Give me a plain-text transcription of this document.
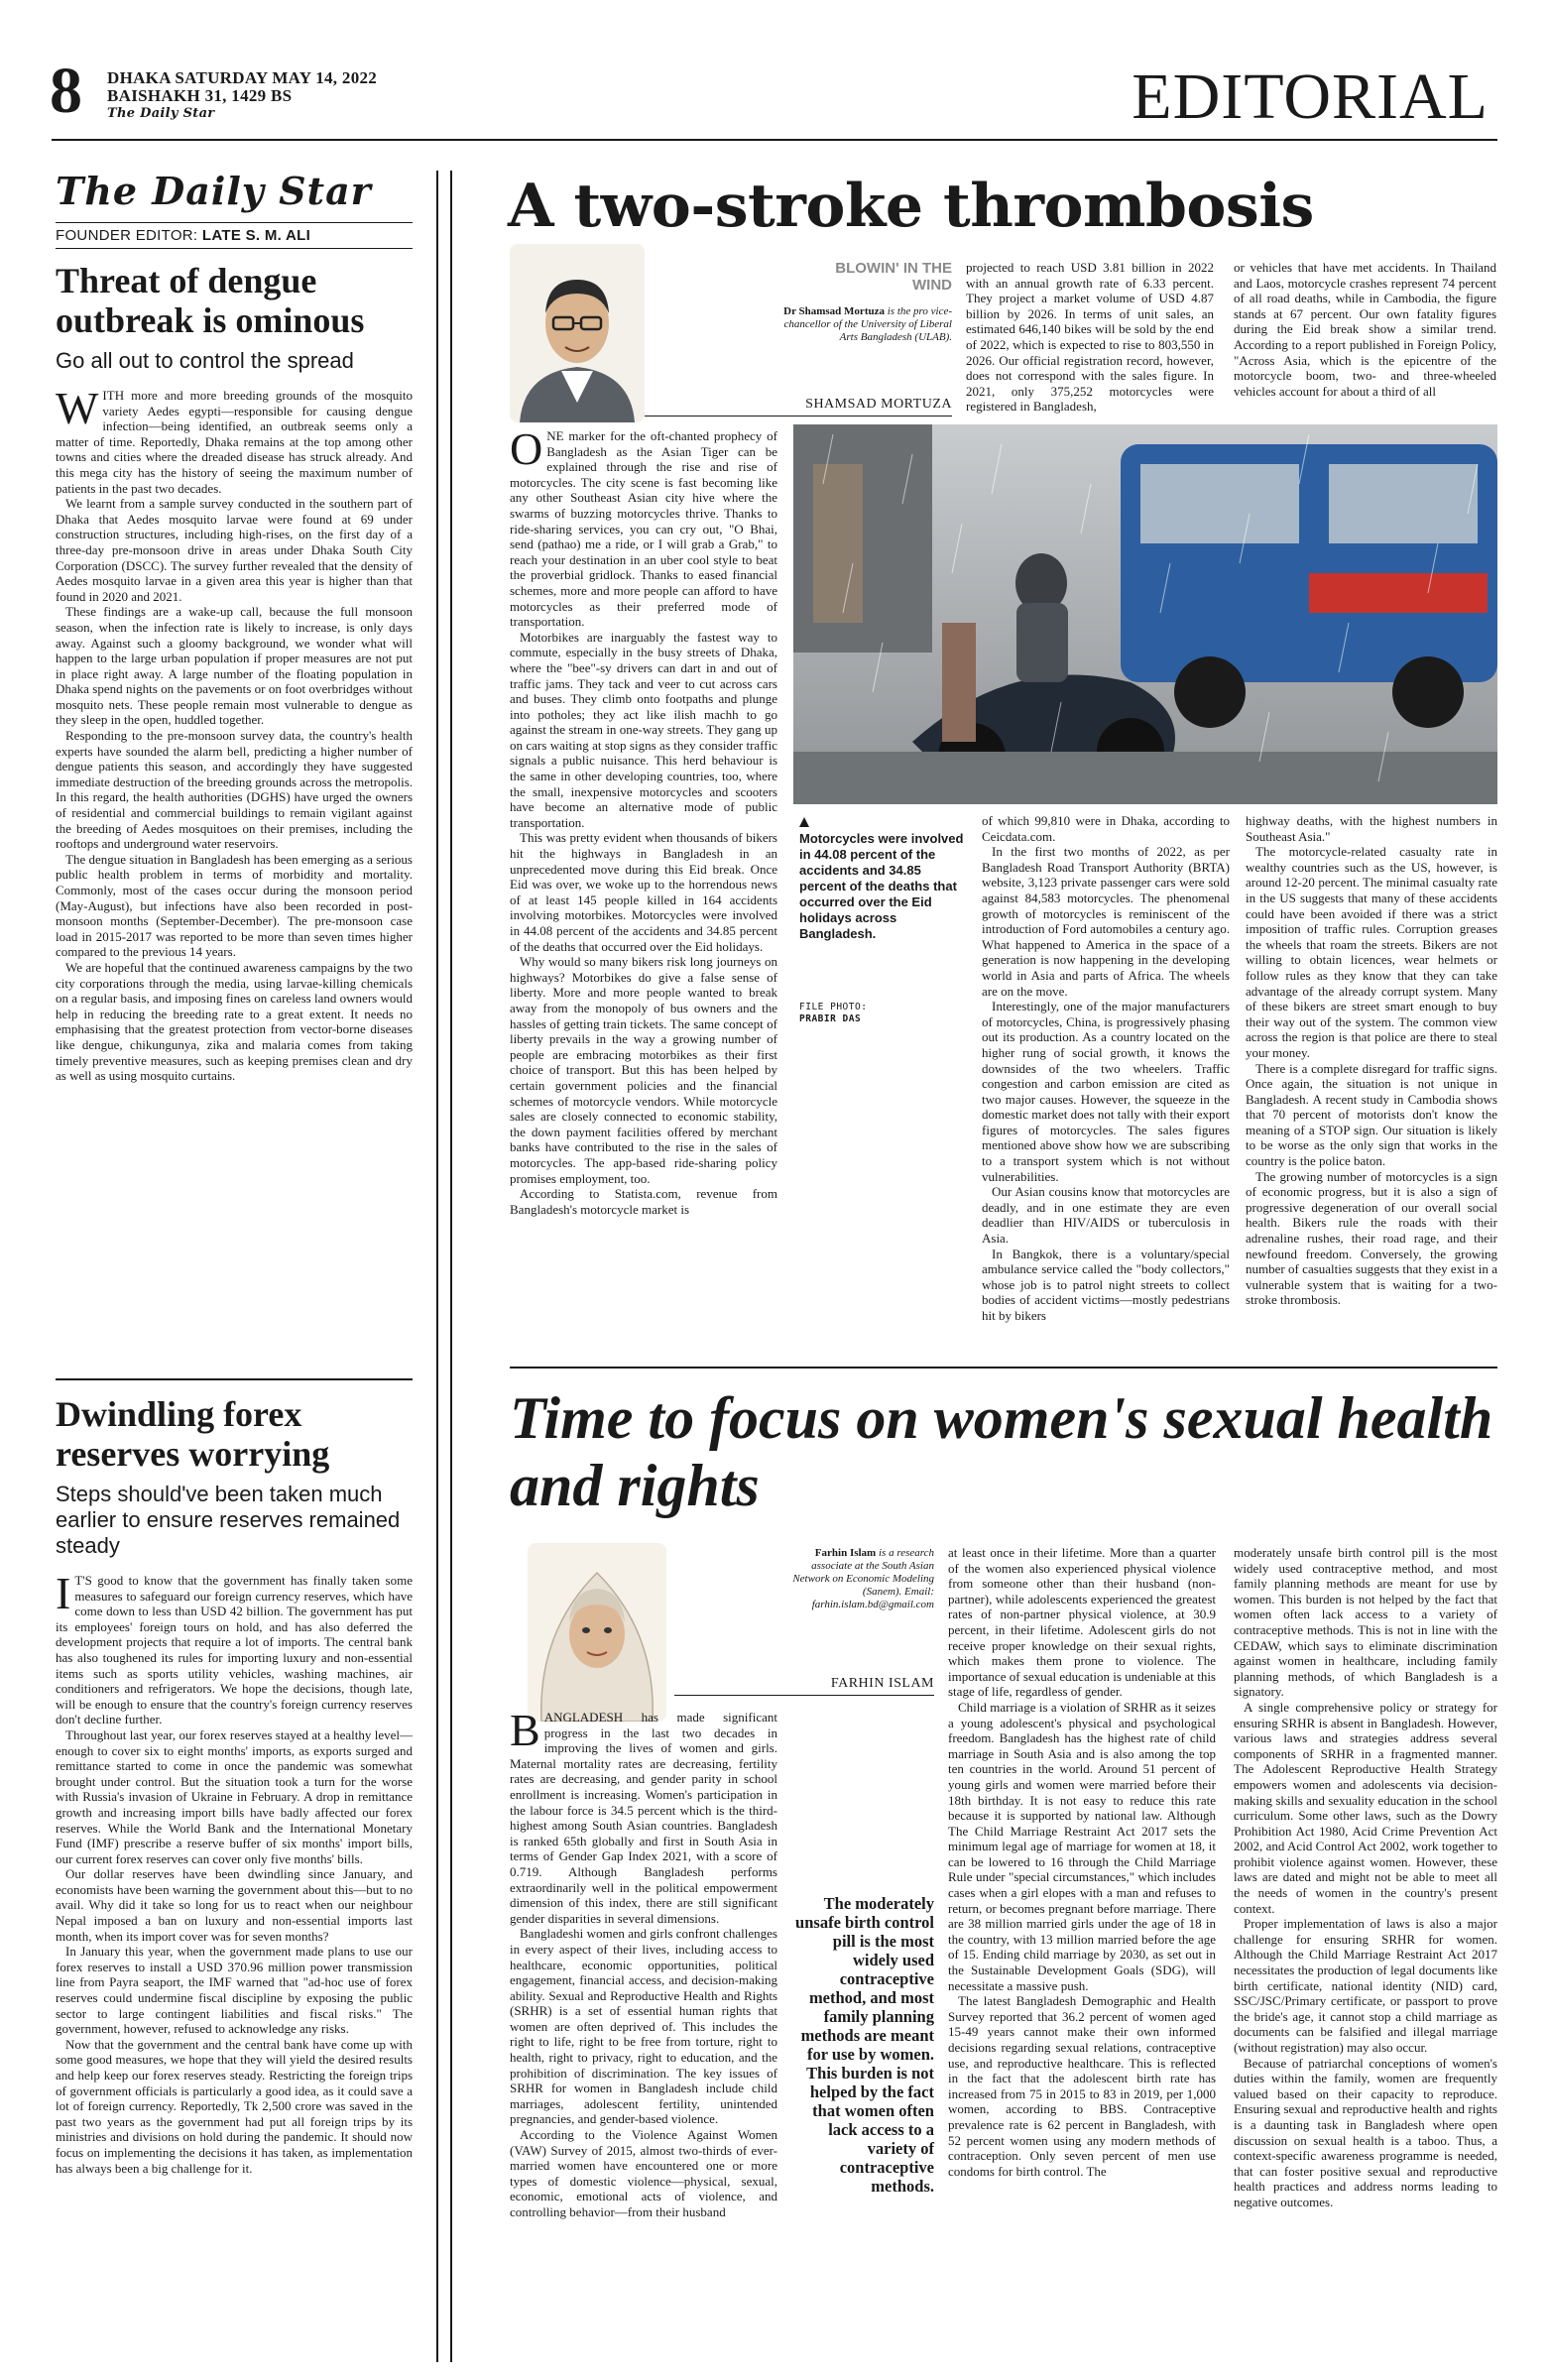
8 DHAKA SATURDAY MAY 14, 2022
BAISHAKH 31, 1429 BS
The Daily Star	EDITORIAL
The Daily Star
FOUNDER EDITOR: LATE S. M. ALI
Threat of dengue outbreak is ominous
Go all out to control the spread
W ITH more and more breeding grounds of the mosquito variety Aedes egypti—responsible for causing dengue infection—being identified, an outbreak seems only a matter of time. Reportedly, Dhaka remains at the top among other towns and cities where the dreaded disease has struck already. And this mega city has the history of seeing the maximum number of patients in the past two decades.

We learnt from a sample survey conducted in the southern part of Dhaka that Aedes mosquito larvae were found at 69 under construction structures, including high-rises, on the first day of a three-day pre-monsoon drive in areas under Dhaka South City Corporation (DSCC). The survey further revealed that the density of Aedes mosquito larvae in a given area this year is higher than that found in 2020 and 2021.

These findings are a wake-up call, because the full monsoon season, when the infection rate is likely to increase, is only days away. Against such a gloomy background, we wonder what will happen to the large urban population if proper measures are not put in place right away. A large number of the floating population in Dhaka spend nights on the pavements or on foot overbridges without mosquito nets. These people remain most vulnerable to dengue as they sleep in the open, huddled together.

Responding to the pre-monsoon survey data, the country's health experts have sounded the alarm bell, predicting a higher number of dengue patients this season, and accordingly they have suggested immediate destruction of the breeding grounds across the metropolis. In this regard, the health authorities (DGHS) have urged the owners of residential and commercial buildings to remain vigilant against the breeding of Aedes mosquitoes on their premises, including the rooftops and underground water reservoirs.

The dengue situation in Bangladesh has been emerging as a serious public health problem in terms of morbidity and mortality. Commonly, most of the cases occur during the monsoon period (May-August), but infections have also been recorded in post-monsoon months (September-December). The pre-monsoon case load in 2015-2017 was reported to be more than seven times higher compared to the previous 14 years.

We are hopeful that the continued awareness campaigns by the two city corporations through the media, using larvae-killing chemicals on a regular basis, and imposing fines on careless land owners would help in reducing the breeding rate to a great extent. It needs no emphasising that the greatest protection from vector-borne diseases like dengue, chikungunya, zika and malaria comes from taking timely preventive measures, such as keeping premises clean and dry as well as using mosquito curtains.

Dwindling forex reserves worrying
Steps should've been taken much earlier to ensure reserves remained steady
I T'S good to know that the government has finally taken some measures to safeguard our foreign currency reserves, which have come down to less than USD 42 billion. The government has put its employees' foreign tours on hold, and has also deferred the development projects that require a lot of imports. The central bank has also toughened its rules for importing luxury and non-essential items such as sports utility vehicles, washing machines, air conditioners and refrigerators. We hope the decisions, though late, will be enough to ensure that the country's foreign currency reserves don't decline further.

Throughout last year, our forex reserves stayed at a healthy level—enough to cover six to eight months' imports, as exports surged and remittance started to come in once the pandemic was somewhat brought under control. But the situation took a turn for the worse with Russia's invasion of Ukraine in February. A drop in remittance growth and increasing import bills have badly affected our forex reserves. While the World Bank and the International Monetary Fund (IMF) prescribe a reserve buffer of six months' import bills, our current forex reserves can cover only five months' bills.

Our dollar reserves have been dwindling since January, and economists have been warning the government about this—but to no avail. Why did it take so long for us to react when our neighbour Nepal imposed a ban on luxury and non-essential imports last month, when its import cover was for seven months?

In January this year, when the government made plans to use our forex reserves to install a USD 370.96 million power transmission line from Payra seaport, the IMF warned that "ad-hoc use of forex reserves could undermine fiscal discipline by exposing the public sector to large contingent liabilities and fiscal risks." The government, however, refused to acknowledge any risks.

Now that the government and the central bank have come up with some good measures, we hope that they will yield the desired results and help keep our forex reserves steady. Restricting the foreign trips of government officials is particularly a good idea, as it could save a lot of foreign currency. Reportedly, Tk 2,500 crore was saved in the past two years as the government had put all foreign trips by its ministries and divisions on hold during the pandemic. It should now focus on implementing the decisions it has taken, as implementation has always been a big challenge for it.

A two-stroke thrombosis
BLOWIN' IN THE WIND
Dr Shamsad Mortuza is the pro vice-chancellor of the University of Liberal Arts Bangladesh (ULAB).
SHAMSAD MORTUZA
Motorcycles were involved in 44.08 percent of the accidents and 34.85 percent of the deaths that occurred over the Eid holidays across Bangladesh.
FILE PHOTO:
PRABIR DAS
O NE marker for the oft-chanted prophecy of Bangladesh as the Asian Tiger can be explained through the rise and rise of motorcycles. The city scene is fast becoming like any other Southeast Asian city hive where the swarms of buzzing motorcycles thrive. Thanks to ride-sharing services, you can cry out, "O Bhai, send (pathao) me a ride, or I will grab a Grab," to reach your destination in an uber cool style to beat the proverbial gridlock. Thanks to eased financial schemes, more and more people can afford to have motorcycles as their preferred mode of transportation.

Motorbikes are inarguably the fastest way to commute, especially in the busy streets of Dhaka, where the "bee"-sy drivers can dart in and out of traffic jams. They tack and veer to cut across cars and buses. They climb onto footpaths and plunge into potholes; they act like ilish machh to go against the stream in one-way streets. They gang up on cars waiting at stop signs as they consider traffic signals a public nuisance. This herd behaviour is the same in other developing countries, too, where the small, inexpensive motorcycles and scooters have become an alternative mode of public transportation.

This was pretty evident when thousands of bikers hit the highways in Bangladesh in an unprecedented move during this Eid break. Once Eid was over, we woke up to the horrendous news of at least 145 people killed in 164 accidents involving motorbikes. Motorcycles were involved in 44.08 percent of the accidents and 34.85 percent of the deaths that occurred over the Eid holidays.

Why would so many bikers risk long journeys on highways? Motorbikes do give a false sense of liberty. More and more people wanted to break away from the monopoly of bus owners and the hassles of getting train tickets. The same concept of liberty prevails in the way a growing number of people are embracing motorbikes as their first choice of transport. But this has been helped by certain government policies and the financial schemes of motorcycle vendors. While motorcycle sales are closely connected to economic stability, the down payment facilities offered by merchant banks have contributed to the rise in the sales of motorcycles. The app-based ride-sharing policy promises employment, too.

According to Statista.com, revenue from Bangladesh's motorcycle market is

projected to reach USD 3.81 billion in 2022 with an annual growth rate of 6.33 percent. They project a market volume of USD 4.87 billion by 2026. In terms of unit sales, an estimated 646,140 bikes will be sold by the end of 2022, which is expected to rise to 803,550 in 2026. Our official registration record, however, does not correspond with the sales figure. In 2021, only 375,252 motorcycles were registered in Bangladesh,

or vehicles that have met accidents. In Thailand and Laos, motorcycle crashes represent 74 percent of all road deaths, while in Cambodia, the figure stands at 67 percent. Our own fatality figures during the Eid break show a similar trend. According to a report published in Foreign Policy, "Across Asia, which is the epicentre of the motorcycle boom, two- and three-wheeled vehicles account for about a third of all

of which 99,810 were in Dhaka, according to Ceicdata.com.

In the first two months of 2022, as per Bangladesh Road Transport Authority (BRTA) website, 3,123 private passenger cars were sold against 84,583 motorcycles. The phenomenal growth of motorcycles is reminiscent of the introduction of Ford automobiles a century ago. What happened to America in the space of a generation is now happening in the developing world in Asia and parts of Africa. The wheels are on the move.

Interestingly, one of the major manufacturers of motorcycles, China, is progressively phasing out its production. As a country located on the higher rung of social growth, it knows the downsides of the two wheelers. Traffic congestion and carbon emission are cited as two major causes. However, the squeeze in the domestic market does not tally with their export figures of motorcycles. The sales figures mentioned above show how we are subscribing to a transport system which is not without vulnerabilities.

Our Asian cousins know that motorcycles are deadly, and in one estimate they are even deadlier than HIV/AIDS or tuberculosis in Asia.

In Bangkok, there is a voluntary/special ambulance service called the "body collectors," whose job is to patrol night streets to collect bodies of accident victims—mostly pedestrians hit by bikers

highway deaths, with the highest numbers in Southeast Asia."

The motorcycle-related casualty rate in wealthy countries such as the US, however, is around 12-20 percent. The minimal casualty rate in the US suggests that many of these accidents could have been avoided if there was a strict imposition of traffic rules. Corruption greases the wheels that roam the streets. Bikers are not willing to obtain licences, wear helmets or follow rules as they know that they can take advantage of the already corrupt system. Many of these bikers are street smart enough to buy their way out of the system. The common view across the region is that police are there to steal your money.

There is a complete disregard for traffic signs. Once again, the situation is not unique in Bangladesh. A recent study in Cambodia shows that 70 percent of motorists don't know the meaning of a STOP sign. Our situation is likely to be worse as the only sign that works in the country is the police baton.

The growing number of motorcycles is a sign of economic progress, but it is also a sign of progressive degeneration of our overall social health. Bikers rule the roads with their adrenaline rushes, their road rage, and their newfound freedom. Conversely, the growing number of casualties suggests that they exist in a vulnerable system that is waiting for a two-stroke thrombosis.

Time to focus on women's sexual health and rights
Farhin Islam is a research associate at the South Asian Network on Economic Modeling (Sanem). Email: farhin.islam.bd@gmail.com
FARHIN ISLAM
B ANGLADESH has made significant progress in the last two decades in improving the lives of women and girls. Maternal mortality rates are decreasing, fertility rates are decreasing, and gender parity in school enrollment is increasing. Women's participation in the labour force is 34.5 percent which is the third-highest among South Asian countries. Bangladesh is ranked 65th globally and first in South Asia in terms of Gender Gap Index 2021, with a score of 0.719. Although Bangladesh performs extraordinarily well in the political empowerment dimension of this index, there are still significant gender disparities in several dimensions.

Bangladeshi women and girls confront challenges in every aspect of their lives, including access to healthcare, economic opportunities, political engagement, financial access, and decision-making ability. Sexual and Reproductive Health and Rights (SRHR) is a set of essential human rights that women are often deprived of. This includes the right to life, right to be free from torture, right to health, right to privacy, right to education, and the prohibition of discrimination. The key issues of SRHR for women in Bangladesh include child marriages, adolescent fertility, unintended pregnancies, and gender-based violence.

According to the Violence Against Women (VAW) Survey of 2015, almost two-thirds of ever-married women have encountered one or more types of domestic violence—physical, sexual, economic, emotional acts of violence, and controlling behavior—from their husband

The moderately unsafe birth control pill is the most widely used contraceptive method, and most family planning methods are meant for use by women. This burden is not helped by the fact that women often lack access to a variety of contraceptive methods.

at least once in their lifetime. More than a quarter of the women also experienced physical violence from someone other than their husband (non-partner), while adolescents experienced the greatest rates of non-partner physical violence, at 30.9 percent, in their lifetime. Adolescent girls do not receive proper knowledge on their sexual rights, which makes them prone to violence. The importance of sexual education is undeniable at this stage of life, regardless of gender.

Child marriage is a violation of SRHR as it seizes a young adolescent's physical and psychological freedom. Bangladesh has the highest rate of child marriage in South Asia and is also among the top ten countries in the world. Around 51 percent of young girls and women were married before their 18th birthday. It is not easy to reduce this rate because it is supported by national law. Although The Child Marriage Restraint Act 2017 sets the minimum legal age of marriage for women at 18, it can be lowered to 16 through the Child Marriage Rule under "special circumstances," which includes cases when a girl elopes with a man and refuses to return, or becomes pregnant before marriage. There are 38 million married girls under the age of 18 in the country, with 13 million married before the age of 15. Ending child marriage by 2030, as set out in the Sustainable Development Goals (SDG), will necessitate a massive push.

The latest Bangladesh Demographic and Health Survey reported that 36.2 percent of women aged 15-49 years cannot make their own informed decisions regarding sexual relations, contraceptive use, and reproductive healthcare. This is reflected in the fact that the adolescent birth rate has increased from 75 in 2015 to 83 in 2019, per 1,000 women, according to BBS. Contraceptive prevalence rate is 62 percent in Bangladesh, with 52 percent women using any modern methods of contraception. Only seven percent of men use condoms for birth control. The

moderately unsafe birth control pill is the most widely used contraceptive method, and most family planning methods are meant for use by women. This burden is not helped by the fact that women often lack access to a variety of contraceptive methods. This is not in line with the CEDAW, which says to eliminate discrimination against women in healthcare, including family planning methods, of which Bangladesh is a signatory.

A single comprehensive policy or strategy for ensuring SRHR is absent in Bangladesh. However, various laws and strategies address several components of SRHR in a fragmented manner. The Adolescent Reproductive Health Strategy empowers women and adolescents via decision-making skills and sexuality education in the school curriculum. Some other laws, such as the Dowry Prohibition Act 1980, Acid Crime Prevention Act 2002, and Acid Control Act 2002, work together to prohibit violence against women. However, these laws are dated and might not be able to meet all the needs of women in the country's present context.

Proper implementation of laws is also a major challenge for ensuring SRHR for women. Although the Child Marriage Restraint Act 2017 necessitates the production of legal documents like birth certificate, national identity (NID) card, SSC/JSC/Primary certificate, or passport to prove the bride's age, it cannot stop a child marriage as documents can be falsified and illegal marriage (without registration) may also occur.

Because of patriarchal conceptions of women's duties within the family, women are frequently valued based on their capacity to reproduce. Ensuring sexual and reproductive health and rights is a daunting task in Bangladesh where open discussion on sexual health is a taboo. Thus, a context-specific awareness programme is needed, that can foster positive sexual and reproductive health practices and address norms leading to negative outcomes.
